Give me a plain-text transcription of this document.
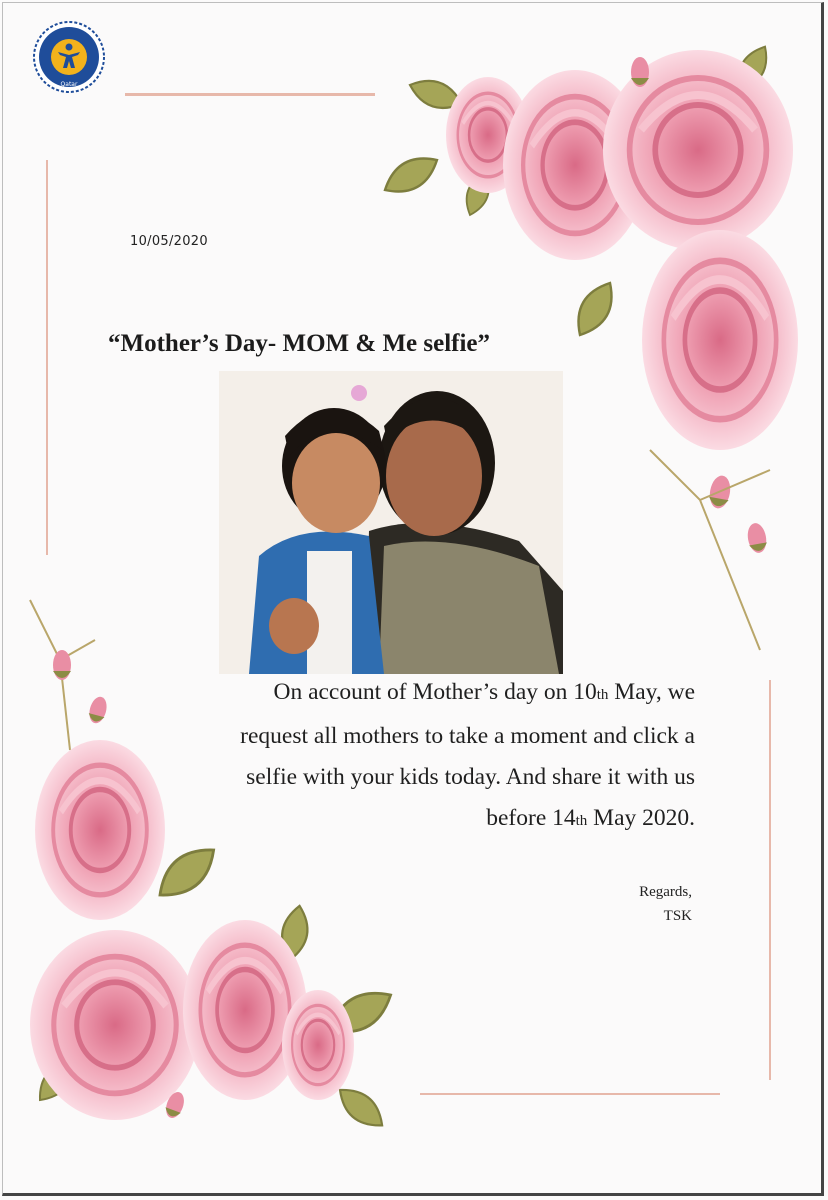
Qatar
10/05/2020
“Mother’s Day- MOM & Me selfie”
On account of Mother’s day on 10th May, we
request all mothers to take a moment and click a
selfie with your kids today. And share it with us
before 14th May 2020.
Regards,
TSK
